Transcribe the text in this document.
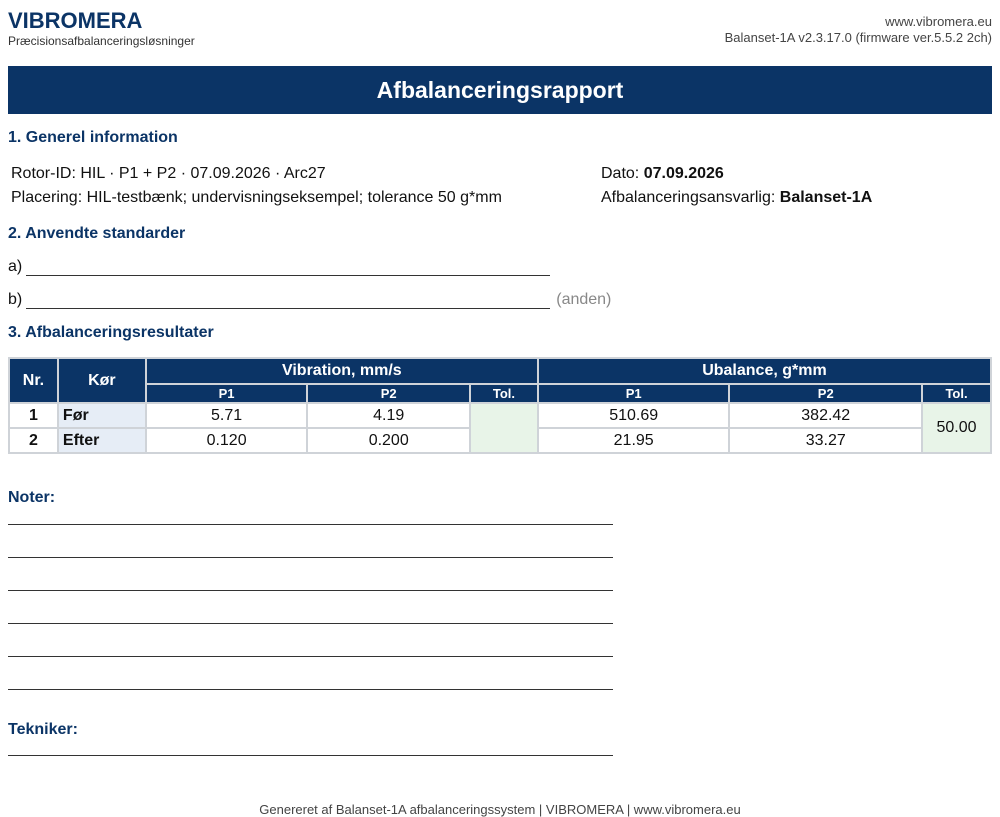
VIBROMERA
Præcisionsafbalanceringsløsninger
www.vibromera.eu
Balanset-1A v2.3.17.0 (firmware ver.5.5.2 2ch)
Afbalanceringsrapport
1. Generel information
Rotor-ID: HIL · P1 + P2 · 07.09.2026 · Arc27
Placering: HIL-testbænk; undervisningseksempel; tolerance 50 g*mm
Dato: 07.09.2026
Afbalanceringsansvarlig: Balanset-1A
2. Anvendte standarder
a)
b)	(anden)
3. Afbalanceringsresultater
Nr.	Kør	Vibration, mm/s			Ubalance, g*mm		
		P1	P2	Tol.	P1	P2	Tol.
1	Før	5.71	4.19		510.69	382.42	50.00
2	Efter	0.120	0.200		21.95	33.27	
Noter:
Tekniker:
Genereret af Balanset-1A afbalanceringssystem | VIBROMERA | www.vibromera.eu
